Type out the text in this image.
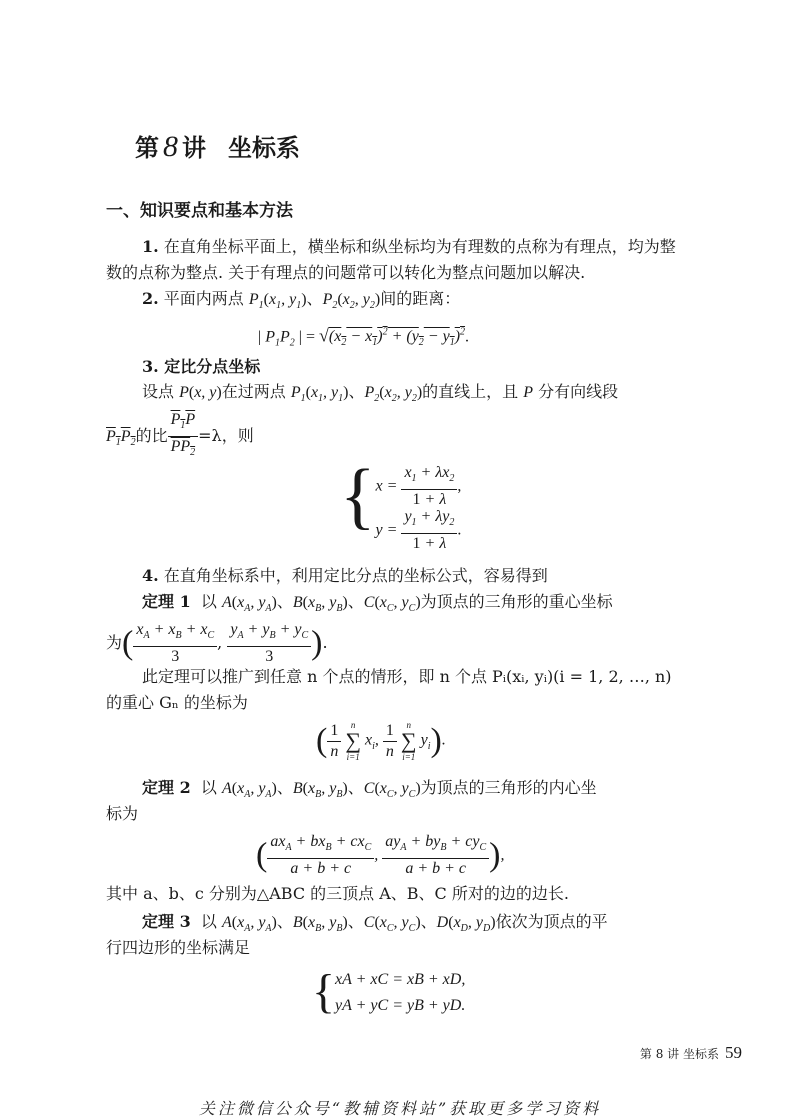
第 8 讲 坐标系
一、知识要点和基本方法
1. 在直角坐标平面上，横坐标和纵坐标均为有理数的点称为有理点，均为整
数的点称为整点. 关于有理点的问题常可以转化为整点问题加以解决.
2. 平面内两点 $P_1(x_1$, $y_1$)、$P_2(x_2$, $y_2$)间的距离：
| $P_1P_2$ | = $√(x_2 - x_1)^2 + (y_2 - y_1)^2$.
3. 定比分点坐标
设点 P(x, y)在过两点 $P_1(x_1$, $y_1$)、$P_2(x_2$, $y_2$)的直线上，且 P 分有向线段
$P_1P_2$的比 $\frac{P_1P}{PP_2} =\lambda$，则
{ $x = \frac{x_1 + \lambda x_2}{1 + \lambda}$ ,
$y = \frac{y_1 + \lambda y_2}{1 + \lambda}$ .
4. 在直角坐标系中，利用定比分点的坐标公式，容易得到
定理 1  以 $A(x_A$, $y_A$)、$B(x_B$, $y_B$)、$C(x_C$, $y_C$)为顶点的三角形的重心坐标
为( $\frac{x_A + x_B + x_C}{3}$ , $\frac{y_A + y_B + y_C}{3}$ ).
此定理可以推广到任意 n 个点的情形，即 n 个点 Pᵢ(xᵢ, yᵢ)(i = 1, 2, …, n)
的重心 Gₙ 的坐标为
( $\frac{1}{n}$ n
∑
i=1 $x_i$, $\frac{1}{n}$ n
∑
i=1 $y_i$).
定理 2  以 $A(x_A$, $y_A$)、$B(x_B$, $y_B$)、$C(x_C$, $y_C$)为顶点的三角形的内心坐
标为
( $\frac{ax_A + bx_B + cx_C}{a + b + c}$ , $\frac{ay_A + by_B + cy_C}{a + b + c}$ ),
其中 a、b、c 分别为△ABC 的三顶点 A、B、C 所对的边的边长.
定理 3  以 $A(x_A$, $y_A$)、$B(x_B$, $y_B$)、$C(x_C$, $y_C$)、$D(x_D$, $y_D$)依次为顶点的平
行四边形的坐标满足
{ xA + xC = xB + xD,
yA + yC = yB + yD.
第 8 讲 坐标系 59
关注微信公众号“教辅资料站”获取更多学习资料
